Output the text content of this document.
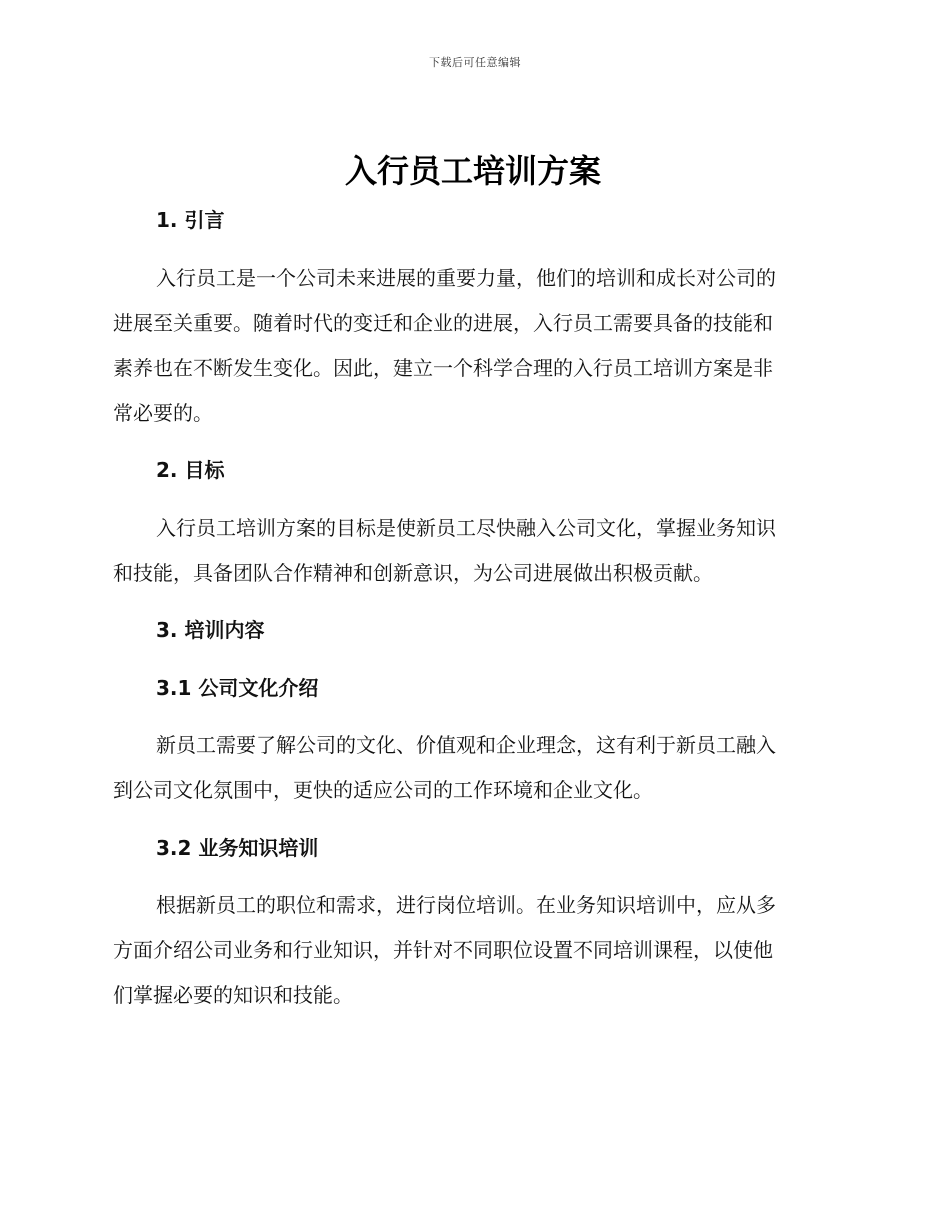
下载后可任意编辑
入行员工培训方案
1. 引言
入行员工是一个公司未来进展的重要力量，他们的培训和成长对公司的
进展至关重要。随着时代的变迁和企业的进展，入行员工需要具备的技能和
素养也在不断发生变化。因此，建立一个科学合理的入行员工培训方案是非
常必要的。
2. 目标
入行员工培训方案的目标是使新员工尽快融入公司文化，掌握业务知识
和技能，具备团队合作精神和创新意识，为公司进展做出积极贡献。
3. 培训内容
3.1 公司文化介绍
新员工需要了解公司的文化、价值观和企业理念，这有利于新员工融入
到公司文化氛围中，更快的适应公司的工作环境和企业文化。
3.2 业务知识培训
根据新员工的职位和需求，进行岗位培训。在业务知识培训中，应从多
方面介绍公司业务和行业知识，并针对不同职位设置不同培训课程，以使他
们掌握必要的知识和技能。
